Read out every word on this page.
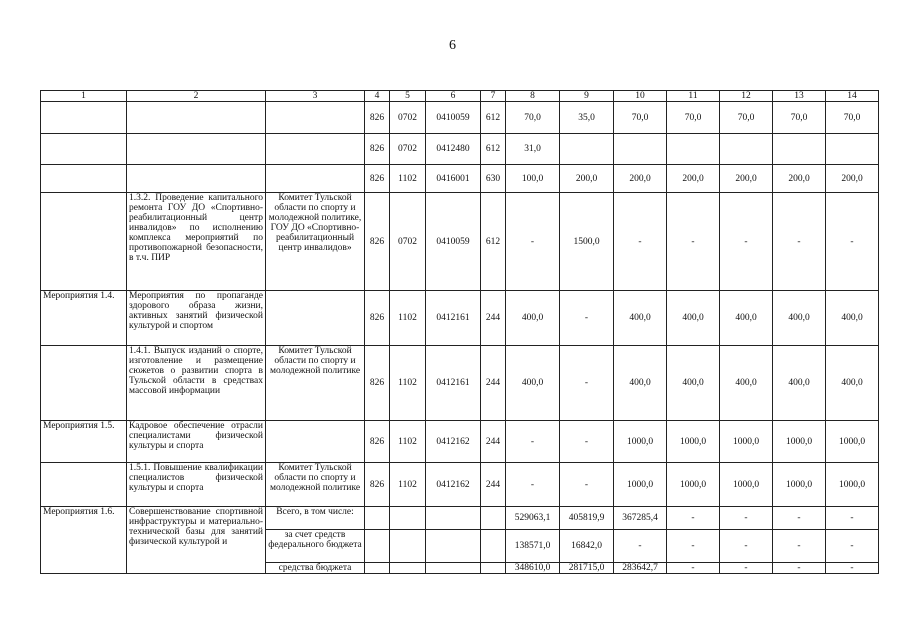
6
1	2	3	4	5	6	7	8	9	10	11	12	13	14
			826	0702	0410059	612	70,0	35,0	70,0	70,0	70,0	70,0	70,0
			826	0702	0412480	612	31,0						
			826	1102	0416001	630	100,0	200,0	200,0	200,0	200,0	200,0	200,0
	1.3.2. Проведение капитального ремонта ГОУ ДО «Спортивно-реабилитационный центр инвалидов» по исполнению комплекса мероприятий по противопожарной безопасности, в т.ч. ПИР	Комитет Тульской области по спорту и молодежной политике, ГОУ ДО «Спортивно-реабилитационный центр инвалидов»	826	0702	0410059	612	-	1500,0	-	-	-	-	-
Мероприятия 1.4.	Мероприятия по пропаганде здорового образа жизни, активных занятий физической культурой и спортом		826	1102	0412161	244	400,0	-	400,0	400,0	400,0	400,0	400,0
	1.4.1. Выпуск изданий о спорте, изготовление и размещение сюжетов о развитии спорта в Тульской области в средствах массовой информации	Комитет Тульской области по спорту и молодежной политике	826	1102	0412161	244	400,0	-	400,0	400,0	400,0	400,0	400,0
Мероприятия 1.5.	Кадровое обеспечение отрасли специалистами физической культуры и спорта		826	1102	0412162	244	-	-	1000,0	1000,0	1000,0	1000,0	1000,0
	1.5.1. Повышение квалификации специалистов физической культуры и спорта	Комитет Тульской области по спорту и молодежной политике	826	1102	0412162	244	-	-	1000,0	1000,0	1000,0	1000,0	1000,0
Мероприятия 1.6.	Совершенствование спортивной инфраструктуры и материально-технической базы для занятий физической культурой и	Всего, в том числе:					529063,1	405819,9	367285,4	-	-	-	-
		за счет средств федерального бюджета					138571,0	16842,0	-	-	-	-	-
		средства бюджета					348610,0	281715,0	283642,7	-	-	-	-
